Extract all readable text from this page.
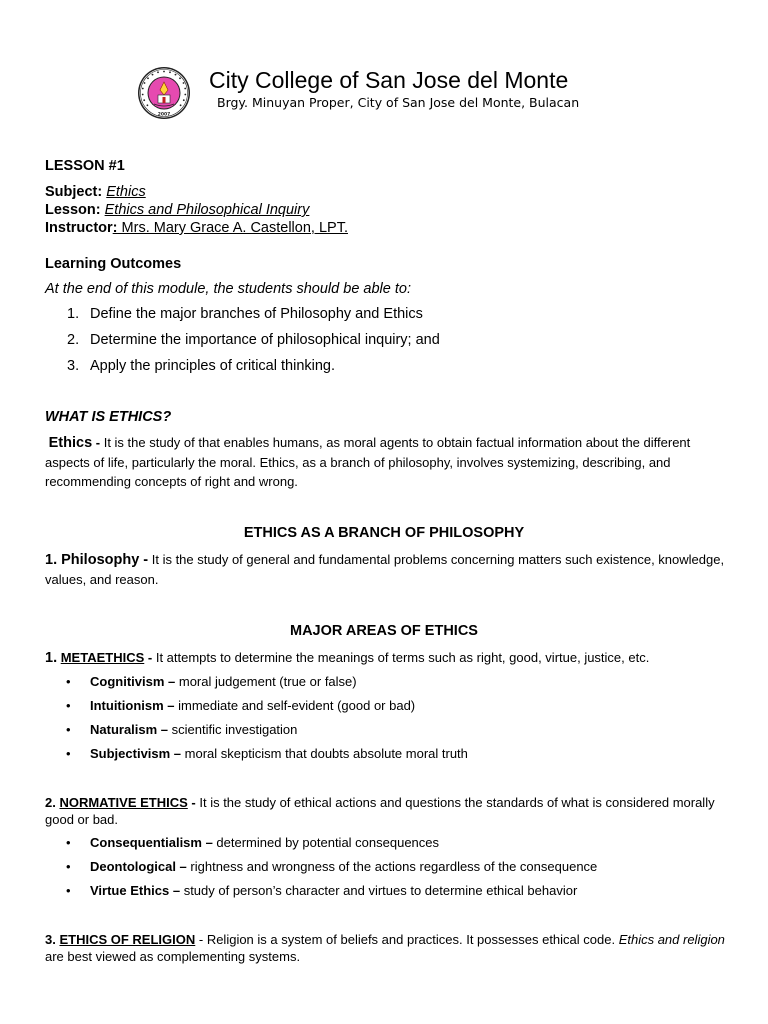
2007
City College of San Jose del Monte
Brgy. Minuyan Proper, City of San Jose del Monte, Bulacan
LESSON #1
Subject: Ethics
Lesson: Ethics and Philosophical Inquiry
Instructor: Mrs. Mary Grace A. Castellon, LPT.
Learning Outcomes
At the end of this module, the students should be able to:
1. Define the major branches of Philosophy and Ethics
2. Determine the importance of philosophical inquiry; and
3. Apply the principles of critical thinking.
WHAT IS ETHICS?
Ethics - It is the study of that enables humans, as moral agents to obtain factual information about the different aspects of life, particularly the moral. Ethics, as a branch of philosophy, involves systemizing, describing, and recommending concepts of right and wrong.
ETHICS AS A BRANCH OF PHILOSOPHY
1. Philosophy - It is the study of general and fundamental problems concerning matters such existence, knowledge, values, and reason.
MAJOR AREAS OF ETHICS
1. METAETHICS - It attempts to determine the meanings of terms such as right, good, virtue, justice, etc.
• Cognitivism – moral judgement (true or false)
• Intuitionism – immediate and self-evident (good or bad)
• Naturalism – scientific investigation
• Subjectivism – moral skepticism that doubts absolute moral truth
2. NORMATIVE ETHICS - It is the study of ethical actions and questions the standards of what is considered morally good or bad.
• Consequentialism – determined by potential consequences
• Deontological – rightness and wrongness of the actions regardless of the consequence
• Virtue Ethics – study of person’s character and virtues to determine ethical behavior
3. ETHICS OF RELIGION - Religion is a system of beliefs and practices. It possesses ethical code. Ethics and religion are best viewed as complementing systems.
